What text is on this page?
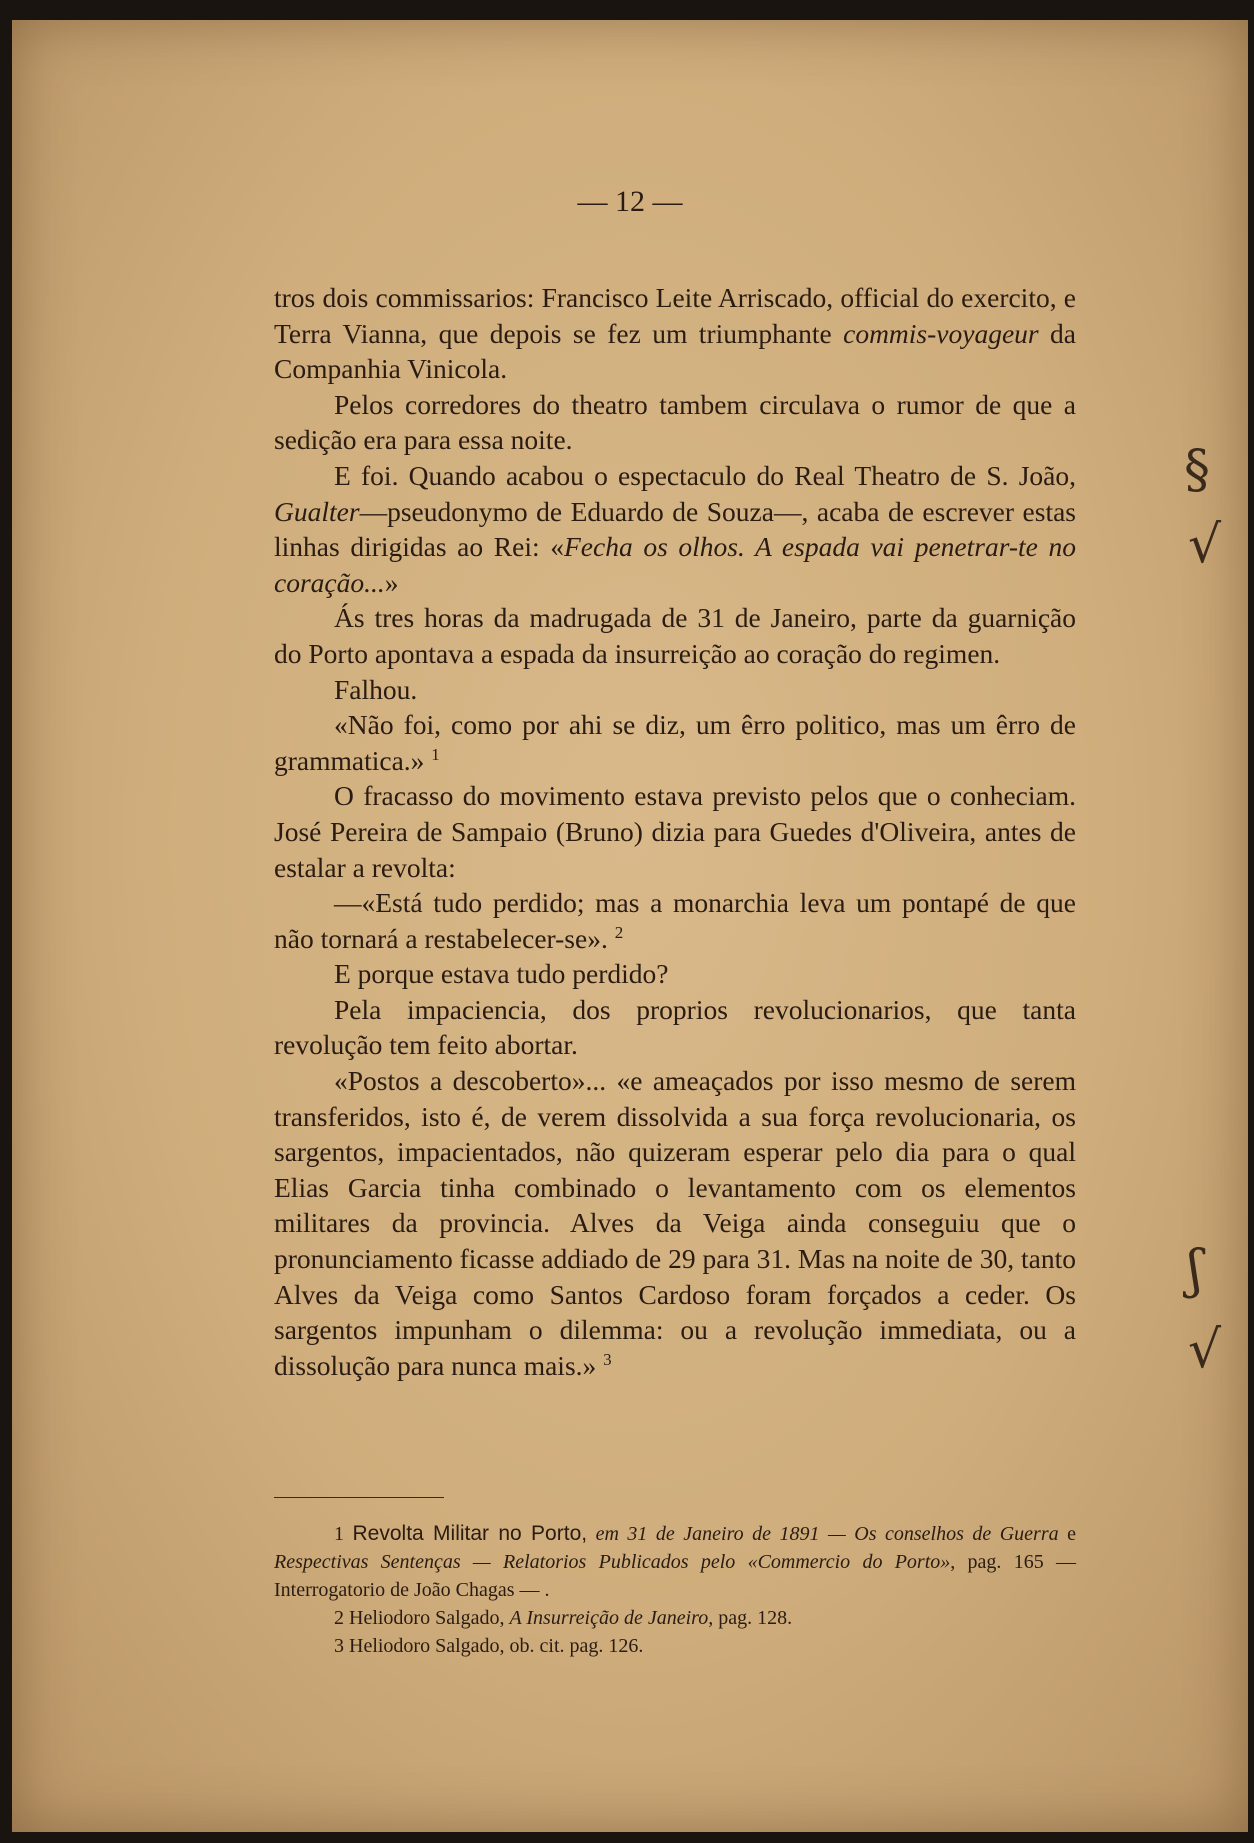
— 12 —

tros dois commissarios: Francisco Leite Arriscado, official do exercito, e Terra Vianna, que depois se fez um triumphante commis-voyageur da Companhia Vinicola.

Pelos corredores do theatro tambem circulava o rumor de que a sedição era para essa noite.

E foi. Quando acabou o espectaculo do Real Theatro de S. João, Gualter—pseudonymo de Eduardo de Souza—, acaba de escrever estas linhas dirigidas ao Rei: «Fecha os olhos. A espada vai penetrar-te no coração...»

Ás tres horas da madrugada de 31 de Janeiro, parte da guarnição do Porto apontava a espada da insurreição ao coração do regimen.

Falhou.

«Não foi, como por ahi se diz, um êrro politico, mas um êrro de grammatica.» $^1$

O fracasso do movimento estava previsto pelos que o conheciam. José Pereira de Sampaio (Bruno) dizia para Guedes d'Oliveira, antes de estalar a revolta:

—«Está tudo perdido; mas a monarchia leva um pontapé de que não tornará a restabelecer-se». $^2$

E porque estava tudo perdido?

Pela impaciencia, dos proprios revolucionarios, que tanta revolução tem feito abortar.

«Postos a descoberto»... «e ameaçados por isso mesmo de serem transferidos, isto é, de verem dissolvida a sua força revolucionaria, os sargentos, impacientados, não quizeram esperar pelo dia para o qual Elias Garcia tinha combinado o levantamento com os elementos militares da provincia. Alves da Veiga ainda conseguiu que o pronunciamento ficasse addiado de 29 para 31. Mas na noite de 30, tanto Alves da Veiga como Santos Cardoso foram forçados a ceder. Os sargentos impunham o dilemma: ou a revolução immediata, ou a dissolução para nunca mais.» $^3$

1 Revolta Militar no Porto, em 31 de Janeiro de 1891 — Os conselhos de Guerra e Respectivas Sentenças — Relatorios Publicados pelo «Commercio do Porto», pag. 165 — Interrogatorio de João Chagas — .

2 Heliodoro Salgado, A Insurreição de Janeiro, pag. 128.

3 Heliodoro Salgado, ob. cit. pag. 126.

§
√
ʃ
√
